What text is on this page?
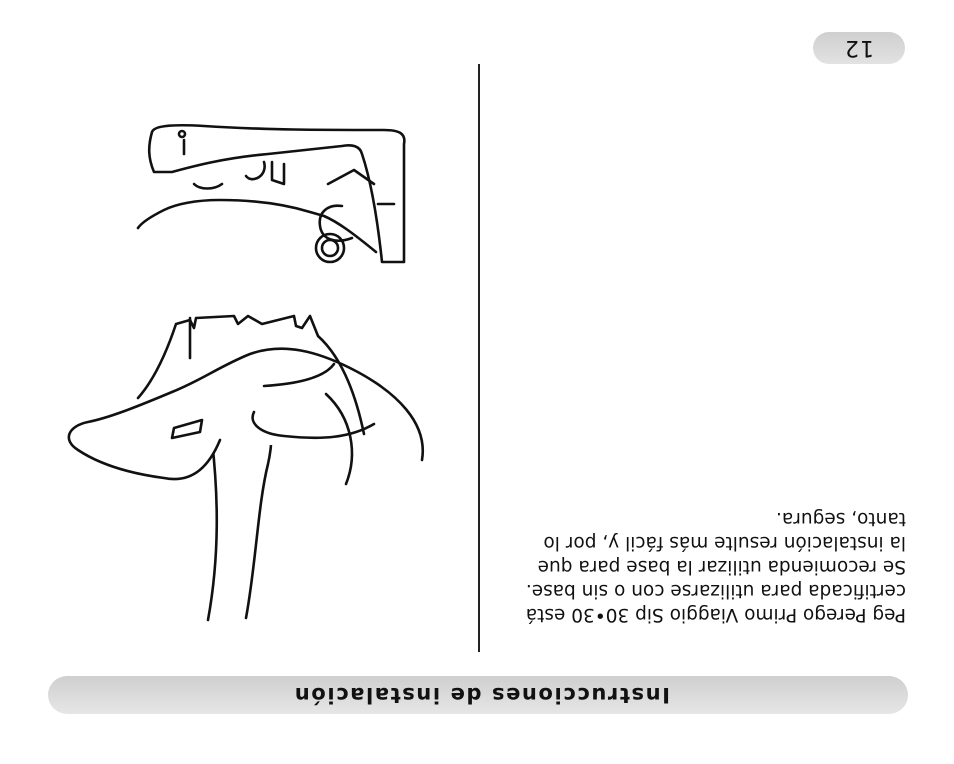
Instrucciones de instalación

Peg Perego Primo Viaggio Sip 30•30 está
certificada para utilizarse con o sin base.
Se recomienda utilizar la base para que
la instalación resulte más fácil y, por lo
tanto, segura.

12
